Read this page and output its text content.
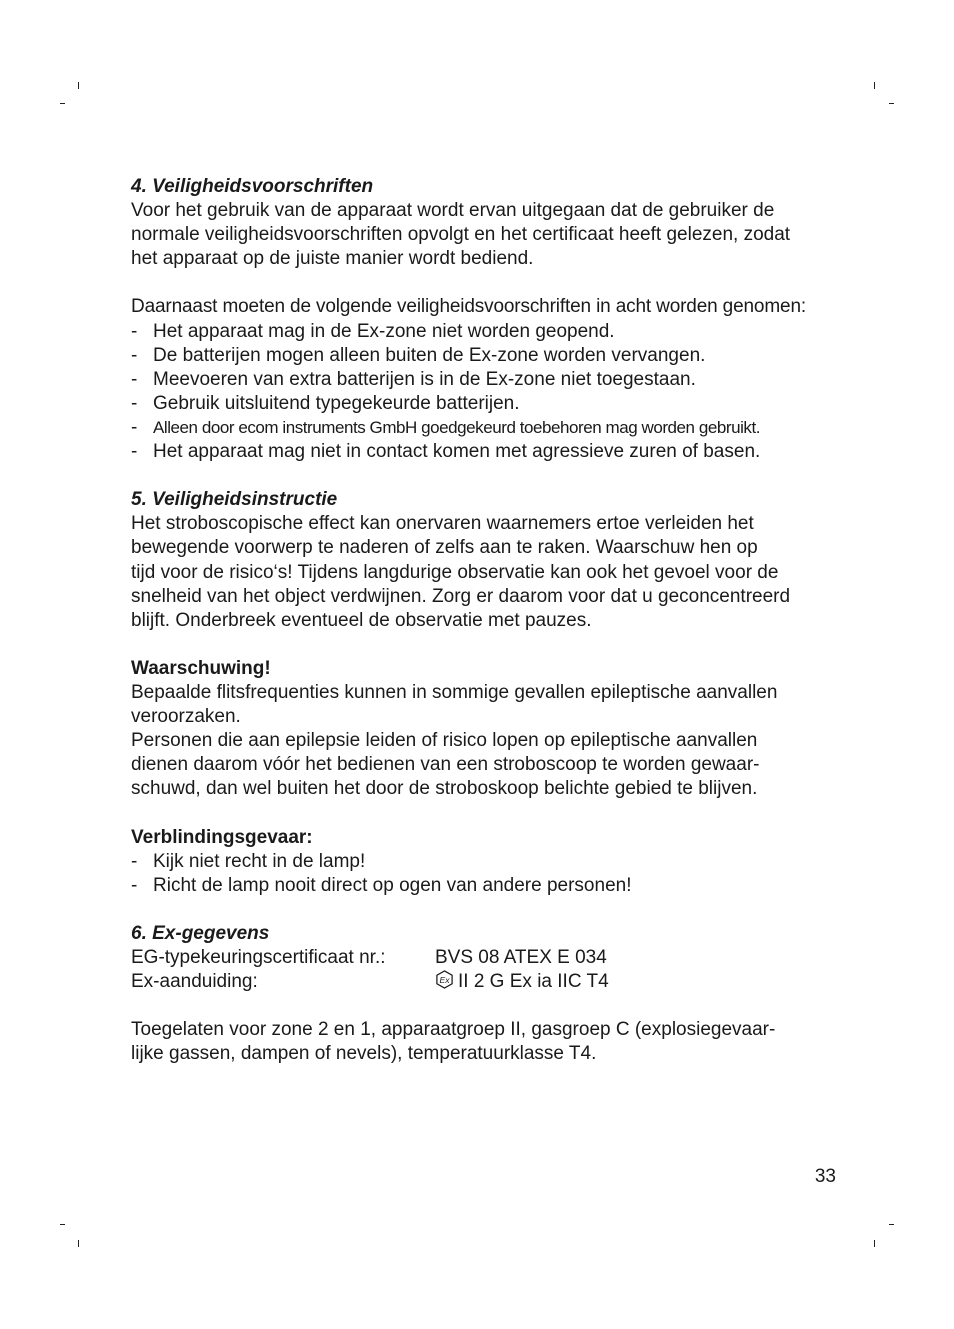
4. Veiligheidsvoorschriften

Voor het gebruik van de apparaat wordt ervan uitgegaan dat de gebruiker de
normale veiligheidsvoorschriften opvolgt en het certificaat heeft gelezen, zodat
het apparaat op de juiste manier wordt bediend.

Daarnaast moeten de volgende veiligheidsvoorschriften in acht worden genomen:

- Het apparaat mag in de Ex-zone niet worden geopend.
- De batterijen mogen alleen buiten de Ex-zone worden vervangen.
- Meevoeren van extra batterijen is in de Ex-zone niet toegestaan.
- Gebruik uitsluitend typegekeurde batterijen.
- Alleen door ecom instruments GmbH goedgekeurd toebehoren mag worden gebruikt.
- Het apparaat mag niet in contact komen met agressieve zuren of basen.
5. Veiligheidsinstructie

Het stroboscopische effect kan onervaren waarnemers ertoe verleiden het
bewegende voorwerp te naderen of zelfs aan te raken. Waarschuw hen op
tijd voor de risico‘s! Tijdens langdurige observatie kan ook het gevoel voor de
snelheid van het object verdwijnen. Zorg er daarom voor dat u geconcentreerd
blijft. Onderbreek eventueel de observatie met pauzes.

Waarschuwing!

Bepaalde flitsfrequenties kunnen in sommige gevallen epileptische aanvallen
veroorzaken.
Personen die aan epilepsie leiden of risico lopen op epileptische aanvallen
dienen daarom vóór het bedienen van een stroboscoop te worden gewaar-
schuwd, dan wel buiten het door de stroboskoop belichte gebied te blijven.

Verblindingsgevaar:
- Kijk niet recht in de lamp!
- Richt de lamp nooit direct op ogen van andere personen!
6. Ex-gegevens
EG-typekeuringscertificaat nr.:	BVS 08 ATEX E 034
Ex-aanduiding:	Ex II 2 G Ex ia IIC T4

Toegelaten voor zone 2 en 1, apparaatgroep II, gasgroep C (explosiegevaar-
lijke gassen, dampen of nevels), temperatuurklasse T4.

33
